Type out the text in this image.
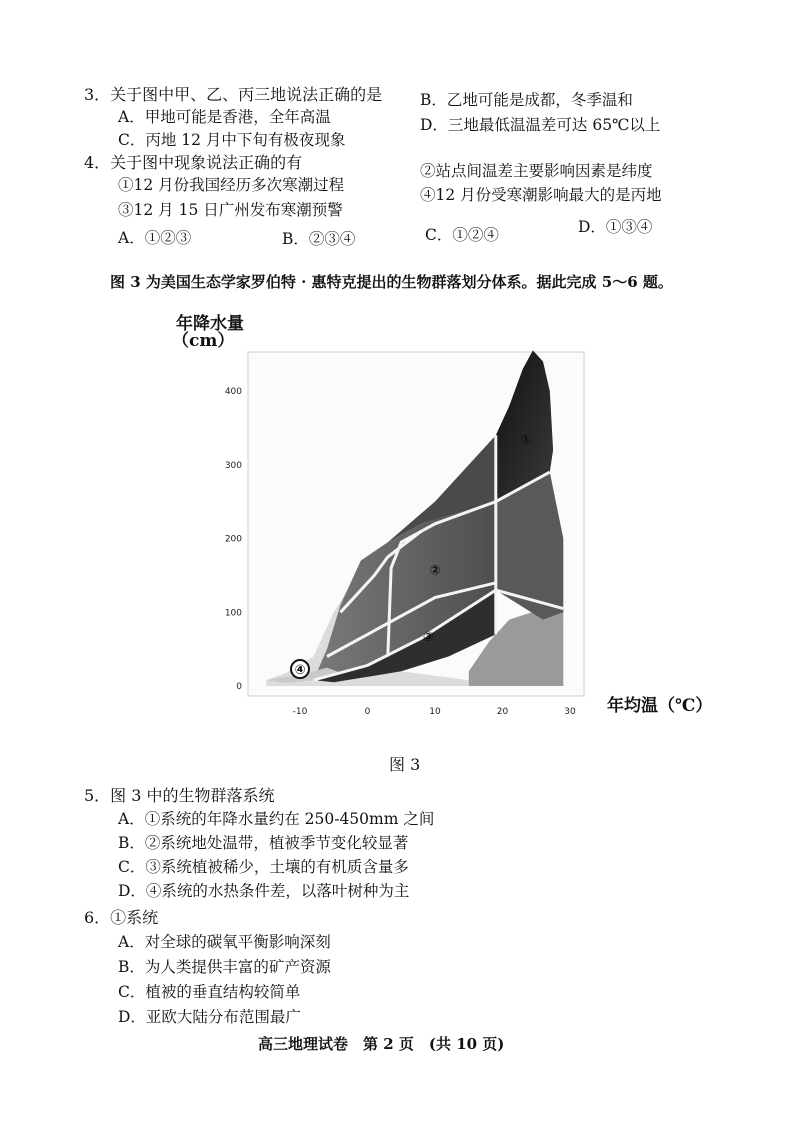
3．关于图中甲、乙、丙三地说法正确的是
A．甲地可能是香港，全年高温
B．乙地可能是成都，冬季温和
C．丙地 12 月中下旬有极夜现象
D．三地最低温温差可达 65℃以上
4．关于图中现象说法正确的有
①12 月份我国经历多次寒潮过程
②站点间温差主要影响因素是纬度
③12 月 15 日广州发布寒潮预警
④12 月份受寒潮影响最大的是丙地
A．①②③	B．②③④	C．①②④	D．①③④
图 3 为美国生态学家罗伯特 · 惠特克提出的生物群落划分体系。据此完成 5～6 题。
年降水量
（cm）
年均温（℃）
-10	0	10	20	30
0
100
200
300
400
①
②
③
④
图 3
5．图 3 中的生物群落系统
A．①系统的年降水量约在 250-450mm 之间
B．②系统地处温带，植被季节变化较显著
C．③系统植被稀少，土壤的有机质含量多
D．④系统的水热条件差，以落叶树种为主
6．①系统
A．对全球的碳氧平衡影响深刻
B．为人类提供丰富的矿产资源
C．植被的垂直结构较简单
D．亚欧大陆分布范围最广
高三地理试卷　第 2 页　(共 10 页)
